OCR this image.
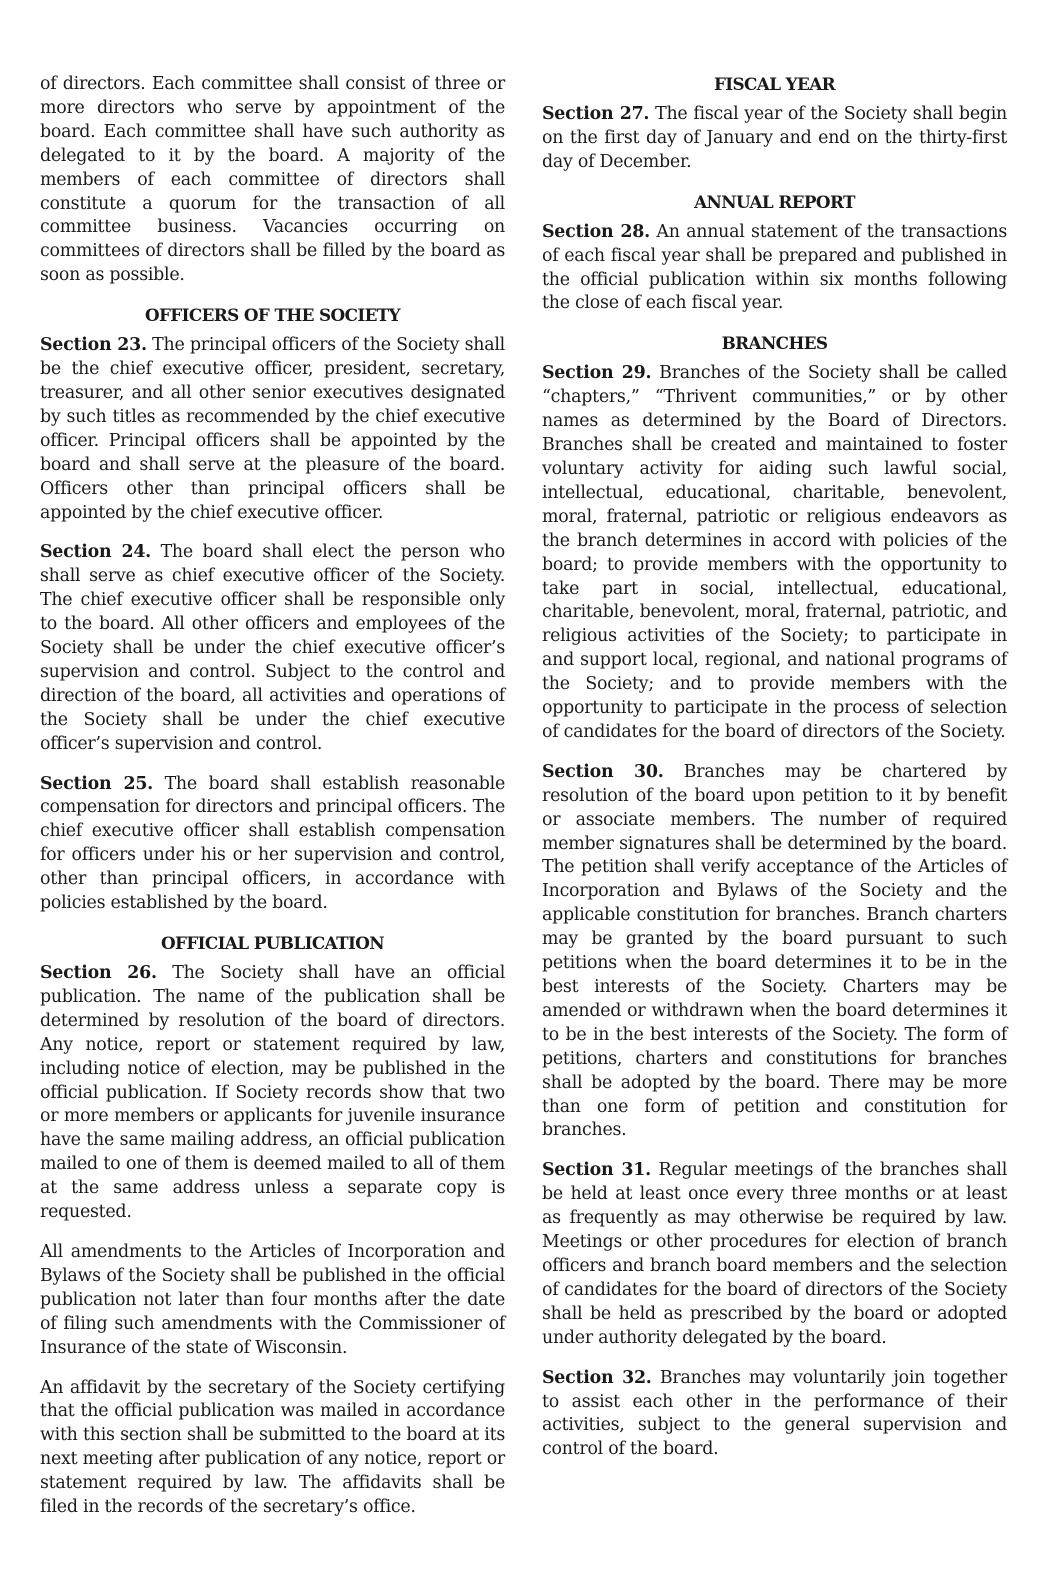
of directors. Each committee shall consist of three or more directors who serve by appointment of the board. Each committee shall have such authority as delegated to it by the board. A majority of the members of each committee of directors shall constitute a quorum for the transaction of all committee business. Vacancies occurring on committees of directors shall be filled by the board as soon as possible.

OFFICERS OF THE SOCIETY

Section 23. The principal officers of the Society shall be the chief executive officer, president, secretary, treasurer, and all other senior executives designated by such titles as recommended by the chief executive officer. Principal officers shall be appointed by the board and shall serve at the pleasure of the board. Officers other than principal officers shall be appointed by the chief executive officer.

Section 24. The board shall elect the person who shall serve as chief executive officer of the Society. The chief executive officer shall be responsible only to the board. All other officers and employees of the Society shall be under the chief executive officer’s supervision and control. Subject to the control and direction of the board, all activities and operations of the Society shall be under the chief executive officer’s supervision and control.

Section 25. The board shall establish reasonable compensation for directors and principal officers. The chief executive officer shall establish compensation for officers under his or her supervision and control, other than principal officers, in accordance with policies established by the board.

OFFICIAL PUBLICATION

Section 26. The Society shall have an official publication. The name of the publication shall be determined by resolution of the board of directors. Any notice, report or statement required by law, including notice of election, may be published in the official publication. If Society records show that two or more members or applicants for juvenile insurance have the same mailing address, an official publication mailed to one of them is deemed mailed to all of them at the same address unless a separate copy is requested.

All amendments to the Articles of Incorporation and Bylaws of the Society shall be published in the official publication not later than four months after the date of filing such amendments with the Commissioner of Insurance of the state of Wisconsin.

An affidavit by the secretary of the Society certifying that the official publication was mailed in accordance with this section shall be submitted to the board at its next meeting after publication of any notice, report or statement required by law. The affidavits shall be filed in the records of the secretary’s office.

FISCAL YEAR

Section 27. The fiscal year of the Society shall begin on the first day of January and end on the thirty-first day of December.

ANNUAL REPORT

Section 28. An annual statement of the transactions of each fiscal year shall be prepared and published in the official publication within six months following the close of each fiscal year.

BRANCHES

Section 29. Branches of the Society shall be called “chapters,” “Thrivent communities,” or by other names as determined by the Board of Directors. Branches shall be created and maintained to foster voluntary activity for aiding such lawful social, intellectual, educational, charitable, benevolent, moral, fraternal, patriotic or religious endeavors as the branch determines in accord with policies of the board; to provide members with the opportunity to take part in social, intellectual, educational, charitable, benevolent, moral, fraternal, patriotic, and religious activities of the Society; to participate in and support local, regional, and national programs of the Society; and to provide members with the opportunity to participate in the process of selection of candidates for the board of directors of the Society.

Section 30. Branches may be chartered by resolution of the board upon petition to it by benefit or associate members. The number of required member signatures shall be determined by the board. The petition shall verify acceptance of the Articles of Incorporation and Bylaws of the Society and the applicable constitution for branches. Branch charters may be granted by the board pursuant to such petitions when the board determines it to be in the best interests of the Society. Charters may be amended or withdrawn when the board determines it to be in the best interests of the Society. The form of petitions, charters and constitutions for branches shall be adopted by the board. There may be more than one form of petition and constitution for branches.

Section 31. Regular meetings of the branches shall be held at least once every three months or at least as frequently as may otherwise be required by law. Meetings or other procedures for election of branch officers and branch board members and the selection of candidates for the board of directors of the Society shall be held as prescribed by the board or adopted under authority delegated by the board.

Section 32. Branches may voluntarily join together to assist each other in the performance of their activities, subject to the general supervision and control of the board.
